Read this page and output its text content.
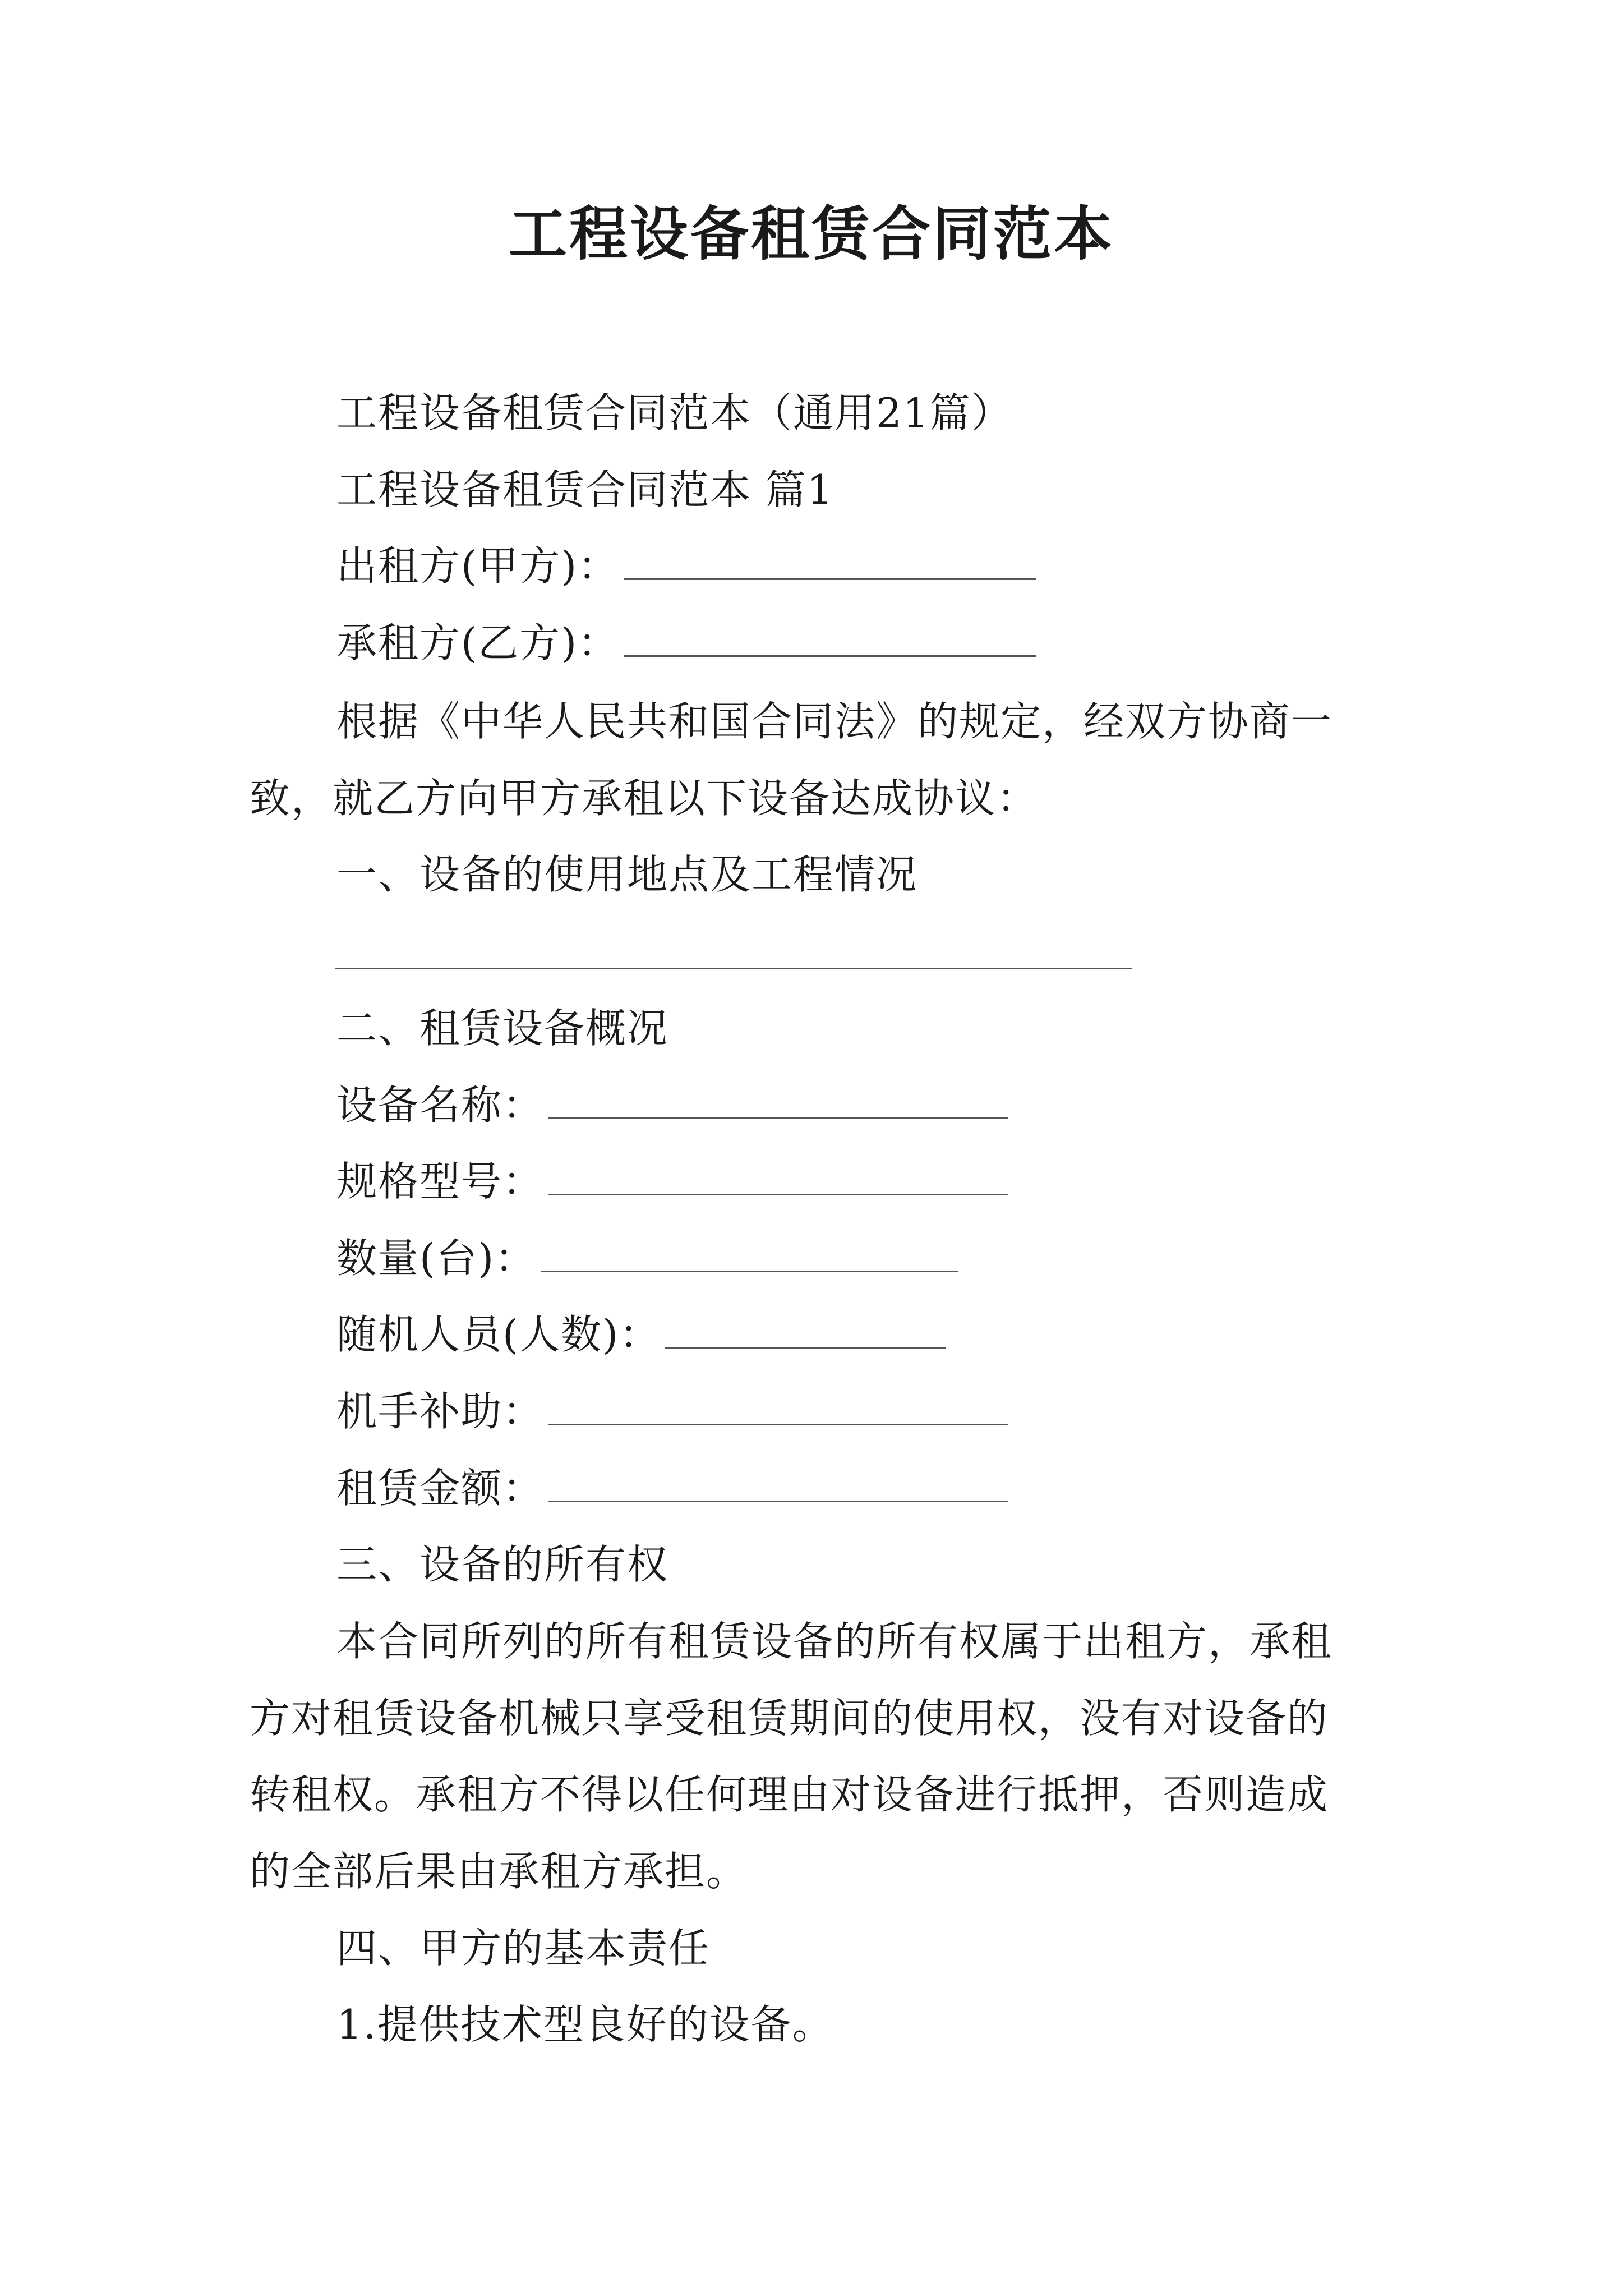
工程设备租赁合同范本
工程设备租赁合同范本（通用21篇）
工程设备租赁合同范本 篇1
出租方(甲方)：
承租方(乙方)：
根据《中华人民共和国合同法》的规定，经双方协商一
致，就乙方向甲方承租以下设备达成协议：
一、设备的使用地点及工程情况
二、租赁设备概况
设备名称：
规格型号：
数量(台)：
随机人员(人数)：
机手补助：
租赁金额：
三、设备的所有权
本合同所列的所有租赁设备的所有权属于出租方，承租
方对租赁设备机械只享受租赁期间的使用权，没有对设备的
转租权。承租方不得以任何理由对设备进行抵押，否则造成
的全部后果由承租方承担。
四、甲方的基本责任
1.提供技术型良好的设备。
